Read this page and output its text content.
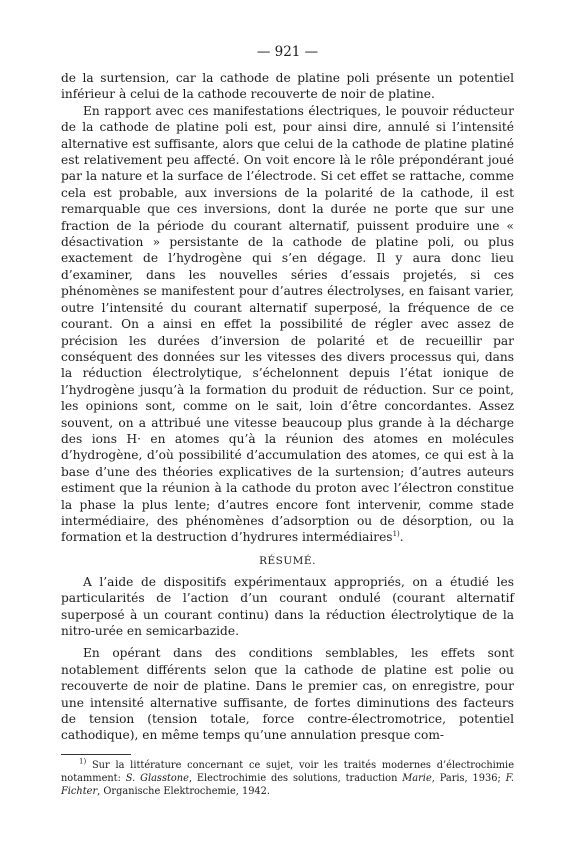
— 921 —

de la surtension, car la cathode de platine poli présente un potentiel inférieur à celui de la cathode recouverte de noir de platine.

En rapport avec ces manifestations électriques, le pouvoir réducteur de la cathode de platine poli est, pour ainsi dire, annulé si l’intensité alternative est suffisante, alors que celui de la cathode de platine platiné est relativement peu affecté. On voit encore là le rôle prépondérant joué par la nature et la surface de l’électrode. Si cet effet se rattache, comme cela est probable, aux inversions de la polarité de la cathode, il est remarquable que ces inversions, dont la durée ne porte que sur une fraction de la période du courant alternatif, puissent produire une « désactivation » persistante de la cathode de platine poli, ou plus exactement de l’hydrogène qui s’en dégage. Il y aura donc lieu d’examiner, dans les nouvelles séries d’essais projetés, si ces phénomènes se manifestent pour d’autres électrolyses, en faisant varier, outre l’intensité du courant alternatif superposé, la fréquence de ce courant. On a ainsi en effet la possibilité de régler avec assez de précision les durées d’inversion de polarité et de recueillir par conséquent des données sur les vitesses des divers processus qui, dans la réduction électrolytique, s’échelonnent depuis l’état ionique de l’hydrogène jusqu’à la formation du produit de réduction. Sur ce point, les opinions sont, comme on le sait, loin d’être concordantes. Assez souvent, on a attribué une vitesse beaucoup plus grande à la décharge des ions H· en atomes qu’à la réunion des atomes en molécules d’hydrogène, d’où possibilité d’accumulation des atomes, ce qui est à la base d’une des théories explicatives de la surtension; d’autres auteurs estiment que la réunion à la cathode du proton avec l’électron constitue la phase la plus lente; d’autres encore font intervenir, comme stade intermédiaire, des phénomènes d’adsorption ou de désorption, ou la formation et la destruction d’hydrures intermédiaires$^{1)}$.

RÉSUMÉ.

A l’aide de dispositifs expérimentaux appropriés, on a étudié les particularités de l’action d’un courant ondulé (courant alternatif superposé à un courant continu) dans la réduction électrolytique de la nitro-urée en semicarbazide.

En opérant dans des conditions semblables, les effets sont notablement différents selon que la cathode de platine est polie ou recouverte de noir de platine. Dans le premier cas, on enregistre, pour une intensité alternative suffisante, de fortes diminutions des facteurs de tension (tension totale, force contre-électromotrice, potentiel cathodique), en même temps qu’une annulation presque com-

$^{1)}$ Sur la littérature concernant ce sujet, voir les traités modernes d’électrochimie notamment: S. Glasstone, Electrochimie des solutions, traduction Marie, Paris, 1936; F. Fichter, Organische Elektrochemie, 1942.
